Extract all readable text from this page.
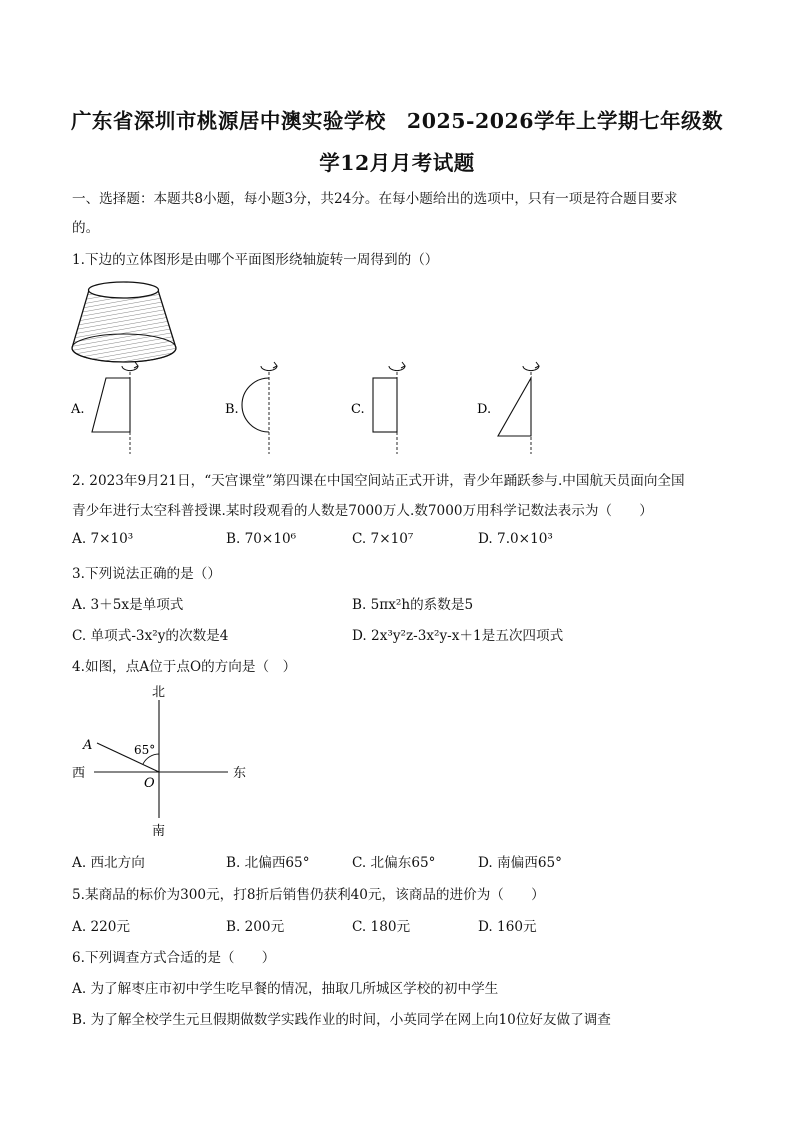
广东省深圳市桃源居中澳实验学校　2025-2026学年上学期七年级数
学12月月考试题
一、选择题：本题共8小题，每小题3分，共24分。在每小题给出的选项中，只有一项是符合题目要求
的。
1.下边的立体图形是由哪个平面图形绕轴旋转一周得到的（）
A.	B.	C.	D.
2. 2023年9月21日，“天宫课堂”第四课在中国空间站正式开讲，青少年踊跃参与.中国航天员面向全国
青少年进行太空科普授课.某时段观看的人数是7000万人.数7000万用科学记数法表示为（　　）
A. 7×10³	B. 70×10⁶	C. 7×10⁷	D. 7.0×10³
3.下列说法正确的是（）
A. 3＋5x是单项式	B. 5πx²h的系数是5
C. 单项式-3x²y的次数是4	D. 2x³y²z-3x²y-x＋1是五次四项式
4.如图，点A位于点O的方向是（　）
北
南
西	东
65°
A
O
A. 西北方向	B. 北偏西65°	C. 北偏东65°	D. 南偏西65°
5.某商品的标价为300元，打8折后销售仍获利40元，该商品的进价为（　　）
A. 220元	B. 200元	C. 180元	D. 160元
6.下列调查方式合适的是（　　）
A. 为了解枣庄市初中学生吃早餐的情况，抽取几所城区学校的初中学生
B. 为了解全校学生元旦假期做数学实践作业的时间，小英同学在网上向10位好友做了调查
